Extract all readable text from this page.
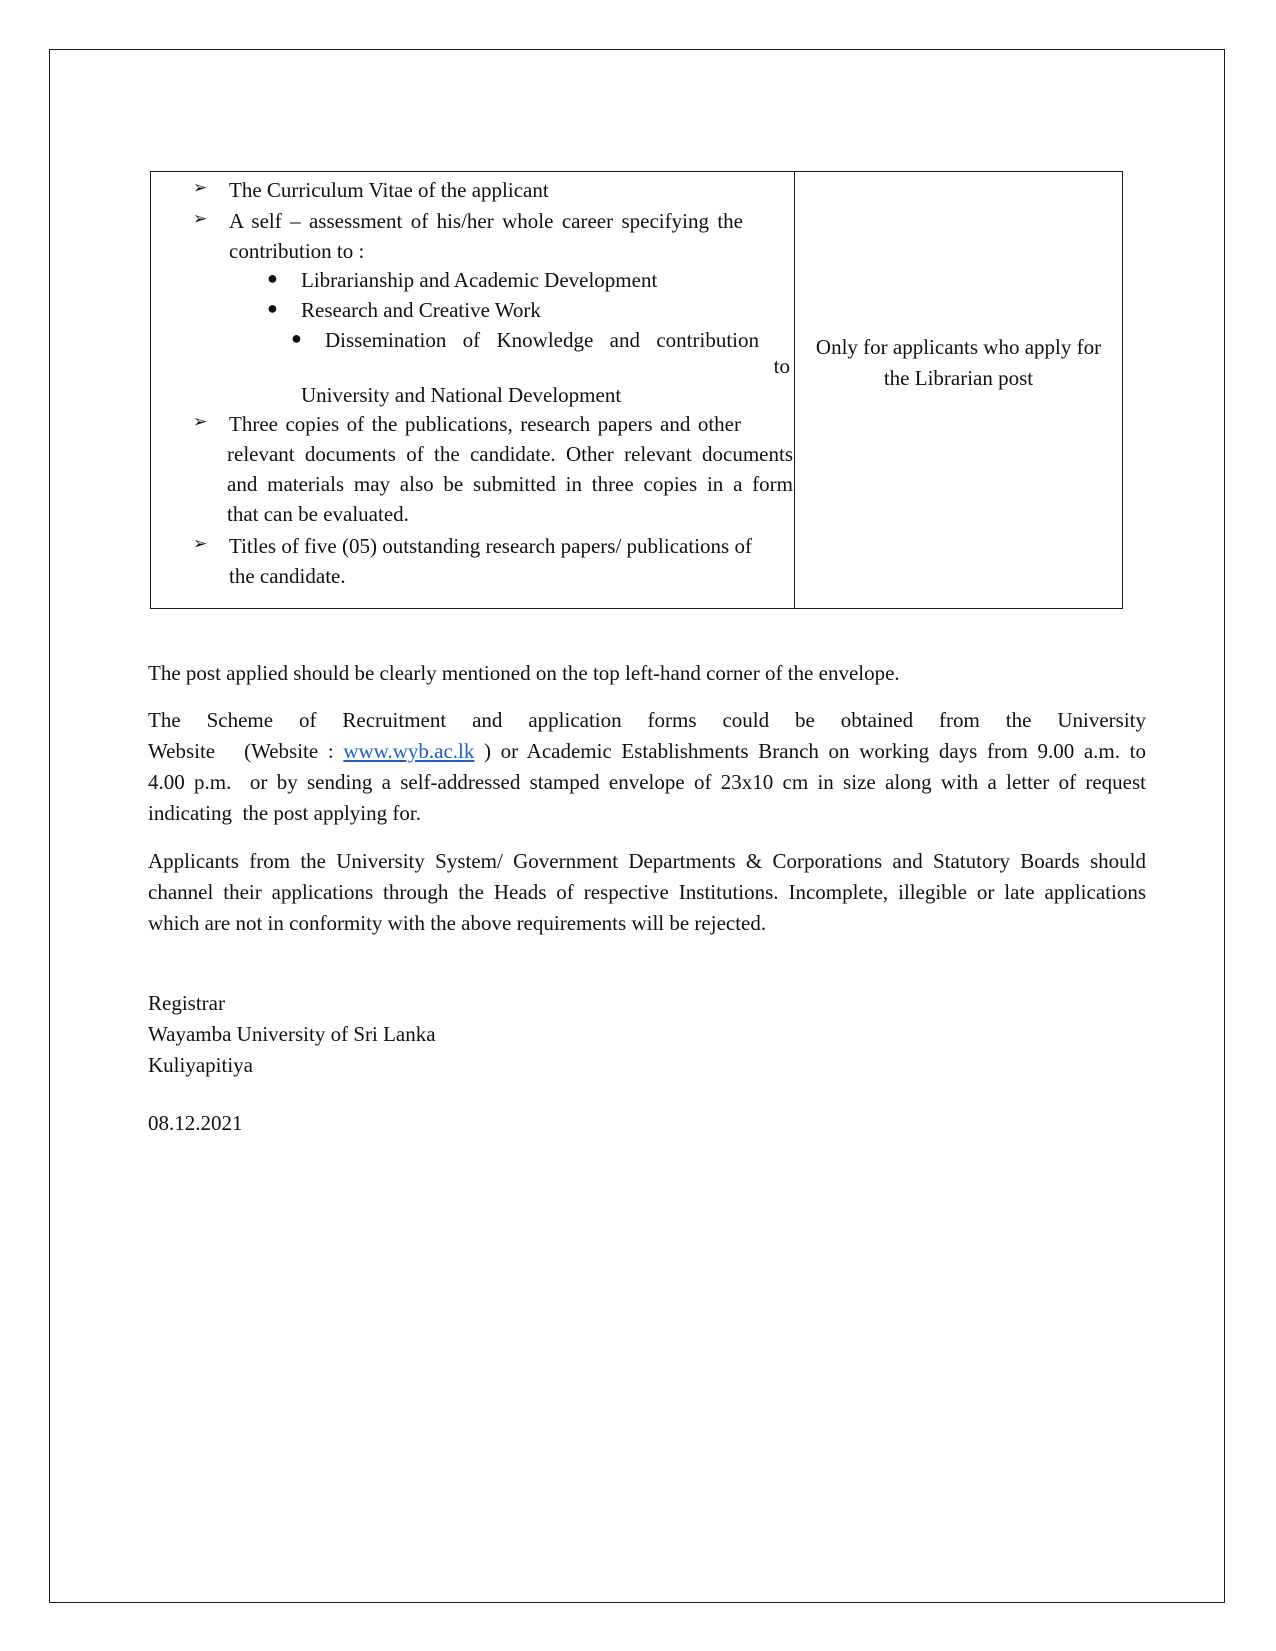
➢ The Curriculum Vitae of the applicant
➢ A self – assessment of his/her whole career specifying the
contribution to :
● Librarianship and Academic Development
● Research and Creative Work
● Dissemination of Knowledge and contribution
to
University and National Development
➢ Three copies of the publications, research papers and other
relevant documents of the candidate. Other relevant documents
and materials may also be submitted in three copies in a form
that can be evaluated.
➢ Titles of five (05) outstanding research papers/ publications of
the candidate.
Only for applicants who apply for
the Librarian post
The post applied should be clearly mentioned on the top left-hand corner of the envelope.
The Scheme of Recruitment and application forms could be obtained from the University
Website   (Website : www.wyb.ac.lk ) or Academic Establishments Branch on working days from 9.00 a.m. to
4.00 p.m.  or by sending a self-addressed stamped envelope of 23x10 cm in size along with a letter of request
indicating  the post applying for.
Applicants from the University System/ Government Departments & Corporations and Statutory Boards should
channel their applications through the Heads of respective Institutions. Incomplete, illegible or late applications
which are not in conformity with the above requirements will be rejected.
Registrar
Wayamba University of Sri Lanka
Kuliyapitiya
08.12.2021
